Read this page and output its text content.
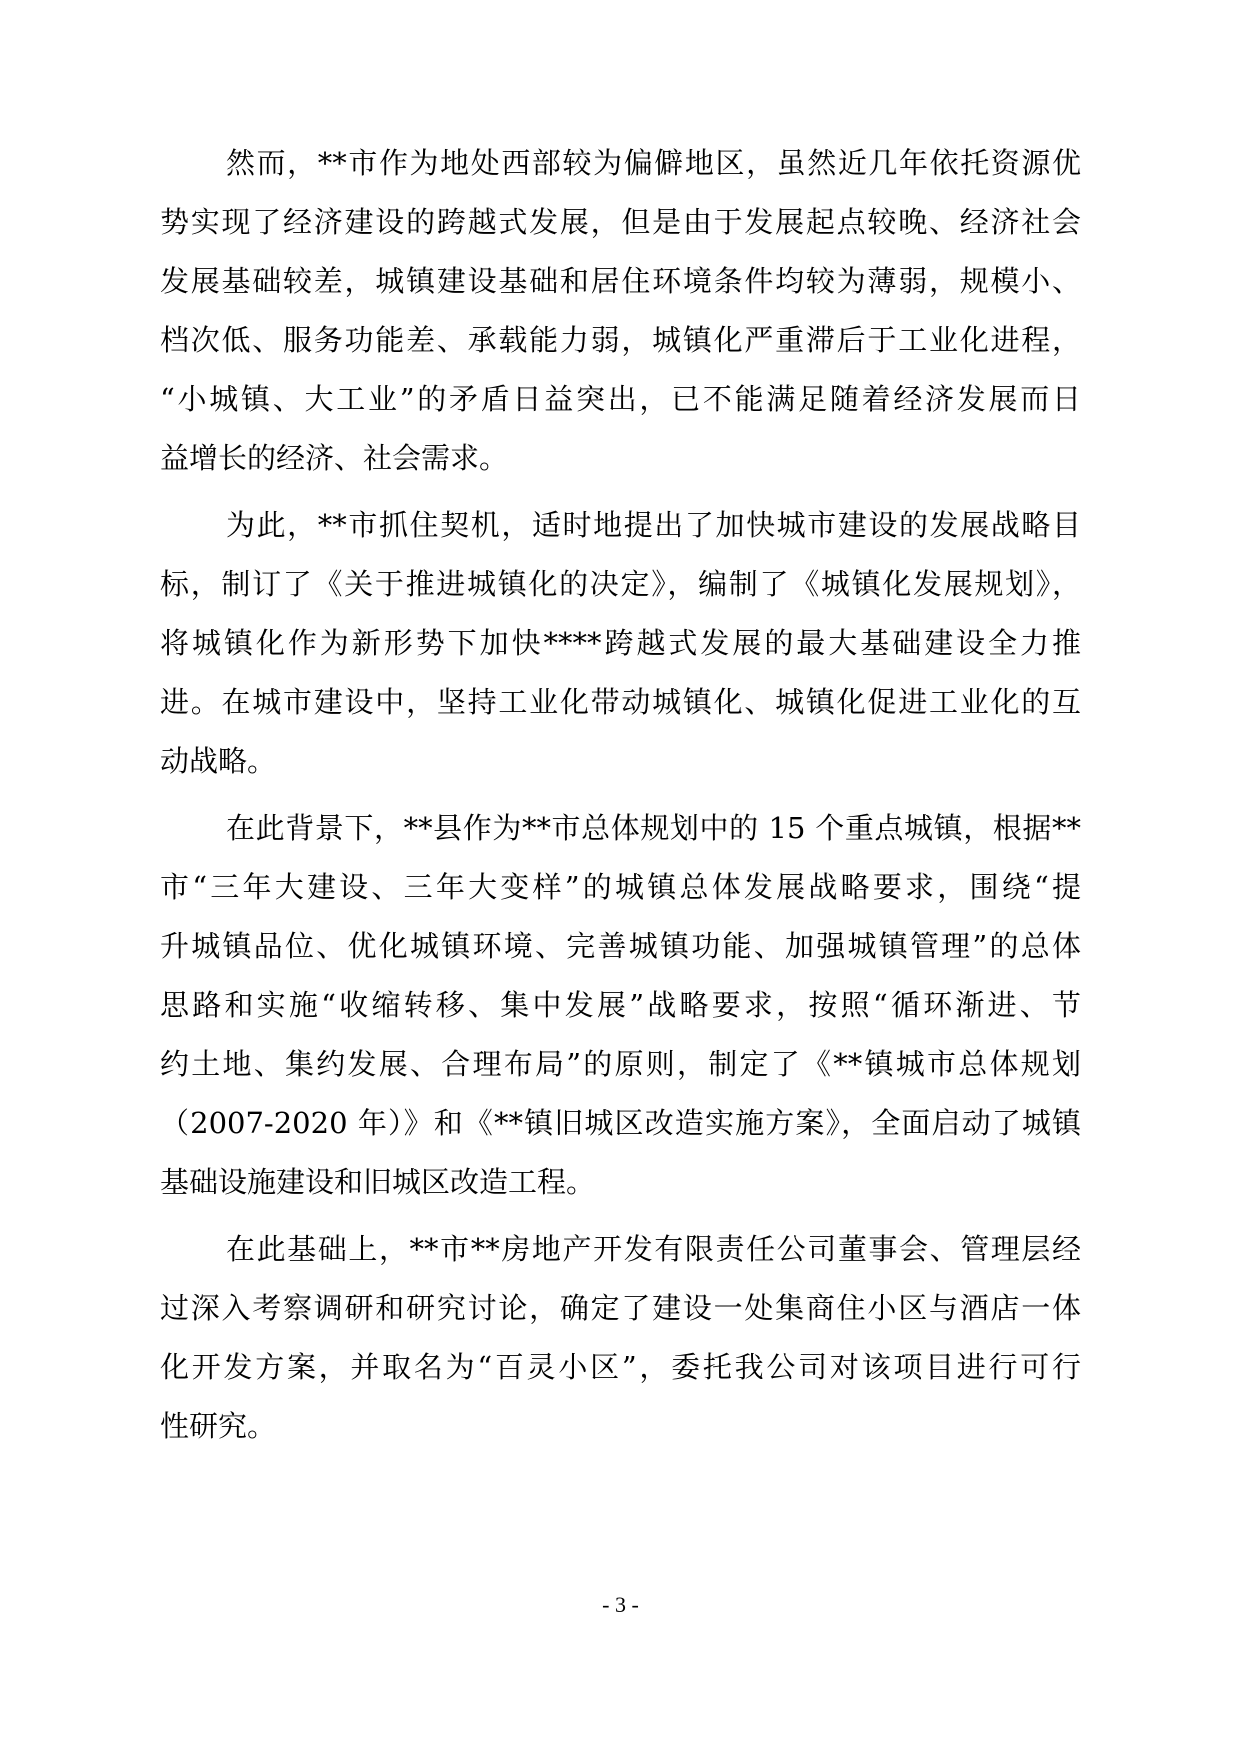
然而，**市作为地处西部较为偏僻地区，虽然近几年依托资源优
势实现了经济建设的跨越式发展，但是由于发展起点较晚、经济社会
发展基础较差，城镇建设基础和居住环境条件均较为薄弱，规模小、
档次低、服务功能差、承载能力弱，城镇化严重滞后于工业化进程，
“小城镇、大工业”的矛盾日益突出，已不能满足随着经济发展而日
益增长的经济、社会需求。
为此，**市抓住契机，适时地提出了加快城市建设的发展战略目
标，制订了《关于推进城镇化的决定》，编制了《城镇化发展规划》，
将城镇化作为新形势下加快****跨越式发展的最大基础建设全力推
进。在城市建设中，坚持工业化带动城镇化、城镇化促进工业化的互
动战略。
在此背景下，**县作为**市总体规划中的 15 个重点城镇，根据**
市“三年大建设、三年大变样”的城镇总体发展战略要求，围绕“提
升城镇品位、优化城镇环境、完善城镇功能、加强城镇管理”的总体
思路和实施“收缩转移、集中发展”战略要求，按照“循环渐进、节
约土地、集约发展、合理布局”的原则，制定了《**镇城市总体规划
（2007-2020 年）》和《**镇旧城区改造实施方案》，全面启动了城镇
基础设施建设和旧城区改造工程。
在此基础上，**市**房地产开发有限责任公司董事会、管理层经
过深入考察调研和研究讨论，确定了建设一处集商住小区与酒店一体
化开发方案，并取名为“百灵小区”，委托我公司对该项目进行可行
性研究。
- 3 -
